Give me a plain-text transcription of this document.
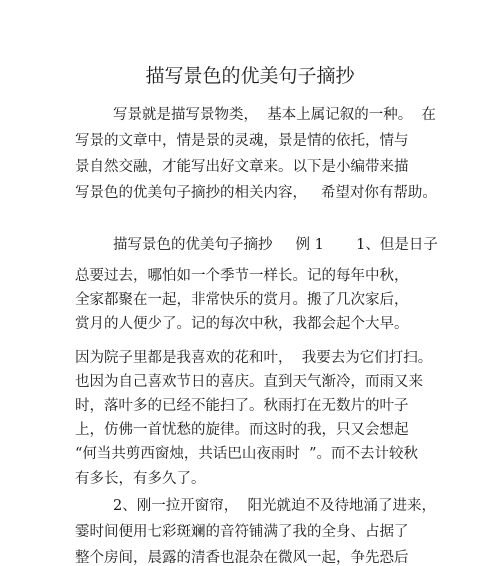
描写景色的优美句子摘抄
写景就是描写景物类，  基本上属记叙的一种。  在
写景的文章中，情是景的灵魂，景是情的依托，情与
景自然交融，才能写出好文章来。以下是小编带来描
写景色的优美句子摘抄的相关内容，   希望对你有帮助。
描写景色的优美句子摘抄     例 1       1、但是日子
总要过去，哪怕如一个季节一样长。记的每年中秋，
全家都聚在一起，非常快乐的赏月。搬了几次家后，
赏月的人便少了。记的每次中秋，我都会起个大早。
因为院子里都是我喜欢的花和叶，  我要去为它们打扫。
也因为自己喜欢节日的喜庆。直到天气渐冷，而雨又来
时，落叶多的已经不能扫了。秋雨打在无数片的叶子
上，仿佛一首忧愁的旋律。而这时的我，只又会想起
“何当共剪西窗烛，共话巴山夜雨时  ”。而不去计较秋
有多长，有多久了。
2、刚一拉开窗帘，  阳光就迫不及待地涌了进来，
霎时间便用七彩斑斓的音符铺满了我的全身、占据了
整个房间，晨露的清香也混杂在微风一起，争先恐后
